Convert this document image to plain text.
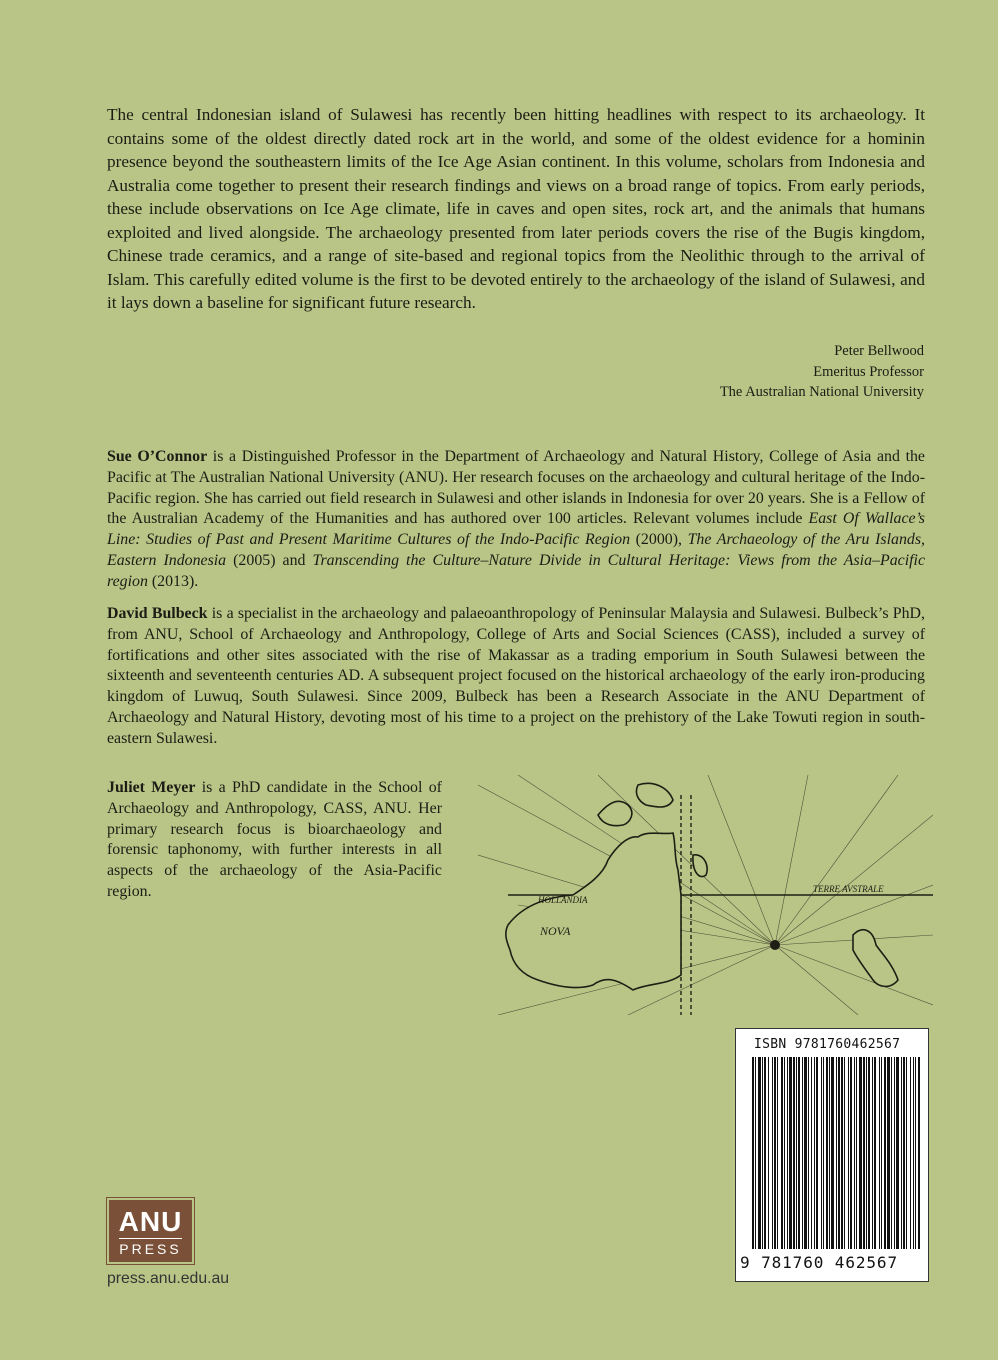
The central Indonesian island of Sulawesi has recently been hitting headlines with respect to its archaeology. It contains some of the oldest directly dated rock art in the world, and some of the oldest evidence for a hominin presence beyond the southeastern limits of the Ice Age Asian continent. In this volume, scholars from Indonesia and Australia come together to present their research findings and views on a broad range of topics. From early periods, these include observations on Ice Age climate, life in caves and open sites, rock art, and the animals that humans exploited and lived alongside. The archaeology presented from later periods covers the rise of the Bugis kingdom, Chinese trade ceramics, and a range of site-based and regional topics from the Neolithic through to the arrival of Islam. This carefully edited volume is the first to be devoted entirely to the archaeology of the island of Sulawesi, and it lays down a baseline for significant future research.

Peter Bellwood
Emeritus Professor
The Australian National University

Sue O’Connor is a Distinguished Professor in the Department of Archaeology and Natural History, College of Asia and the Pacific at The Australian National University (ANU). Her research focuses on the archaeology and cultural heritage of the Indo-Pacific region. She has carried out field research in Sulawesi and other islands in Indonesia for over 20 years. She is a Fellow of the Australian Academy of the Humanities and has authored over 100 articles. Relevant volumes include East Of Wallace’s Line: Studies of Past and Present Maritime Cultures of the Indo-Pacific Region (2000), The Archaeology of the Aru Islands, Eastern Indonesia (2005) and Transcending the Culture–Nature Divide in Cultural Heritage: Views from the Asia–Pacific region (2013).

David Bulbeck is a specialist in the archaeology and palaeoanthropology of Peninsular Malaysia and Sulawesi. Bulbeck’s PhD, from ANU, School of Archaeology and Anthropology, College of Arts and Social Sciences (CASS), included a survey of fortifications and other sites associated with the rise of Makassar as a trading emporium in South Sulawesi between the sixteenth and seventeenth centuries AD. A subsequent project focused on the historical archaeology of the early iron-producing kingdom of Luwuq, South Sulawesi. Since 2009, Bulbeck has been a Research Associate in the ANU Department of Archaeology and Natural History, devoting most of his time to a project on the prehistory of the Lake Towuti region in south-eastern Sulawesi.

Juliet Meyer is a PhD candidate in the School of Archaeology and Anthropology, CASS, ANU. Her primary research focus is bioarchaeology and forensic taphonomy, with further interests in all aspects of the archaeology of the Asia-Pacific region.

HOLLANDIA
NOVA
TERRE AVSTRALE
ISBN 9781760462567
9 781760 462567
ANU
PRESS
press.anu.edu.au
